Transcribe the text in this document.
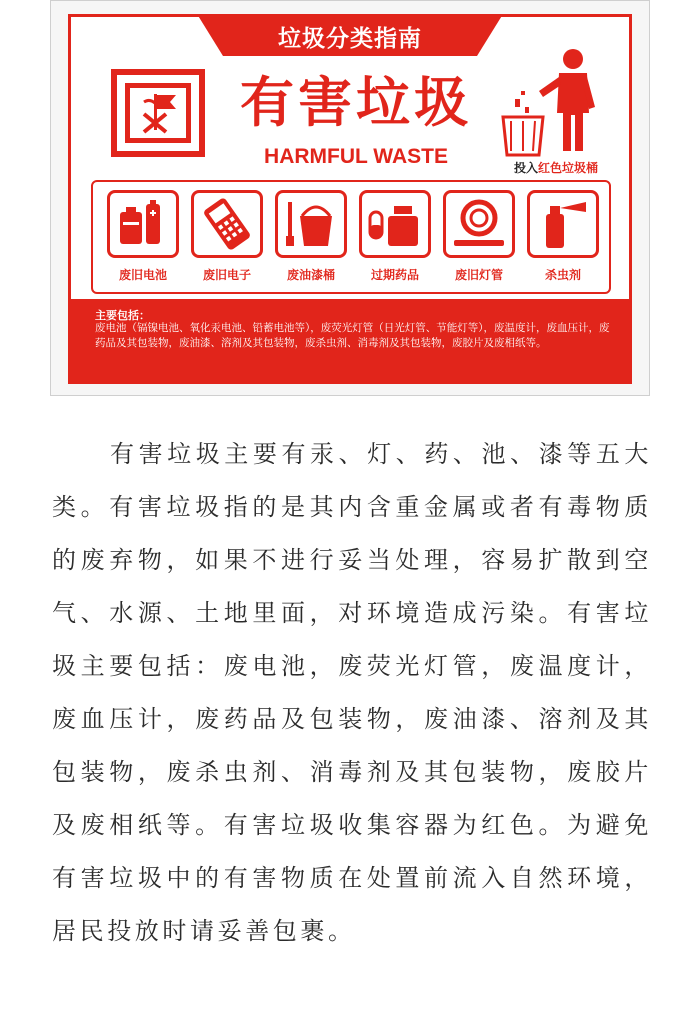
垃圾分类指南
有害垃圾
HARMFUL WASTE	投入红色垃圾桶
废旧电池	废旧电子	废油漆桶	过期药品	废旧灯管	杀虫剂
主要包括：
废电池（镉镍电池、氧化汞电池、铅蓄电池等），废荧光灯管（日光灯管、节能灯等），废温度计，废血压计，废药品及其包装物，废油漆、溶剂及其包装物，废杀虫剂、消毒剂及其包装物，废胶片及废相纸等。
有害垃圾主要有汞、灯、药、池、漆等五大类。有害垃圾指的是其内含重金属或者有毒物质的废弃物，如果不进行妥当处理，容易扩散到空气、水源、土地里面，对环境造成污染。有害垃圾主要包括：废电池，废荧光灯管，废温度计，废血压计，废药品及包装物，废油漆、溶剂及其包装物，废杀虫剂、消毒剂及其包装物，废胶片及废相纸等。有害垃圾收集容器为红色。为避免有害垃圾中的有害物质在处置前流入自然环境，居民投放时请妥善包裹。
